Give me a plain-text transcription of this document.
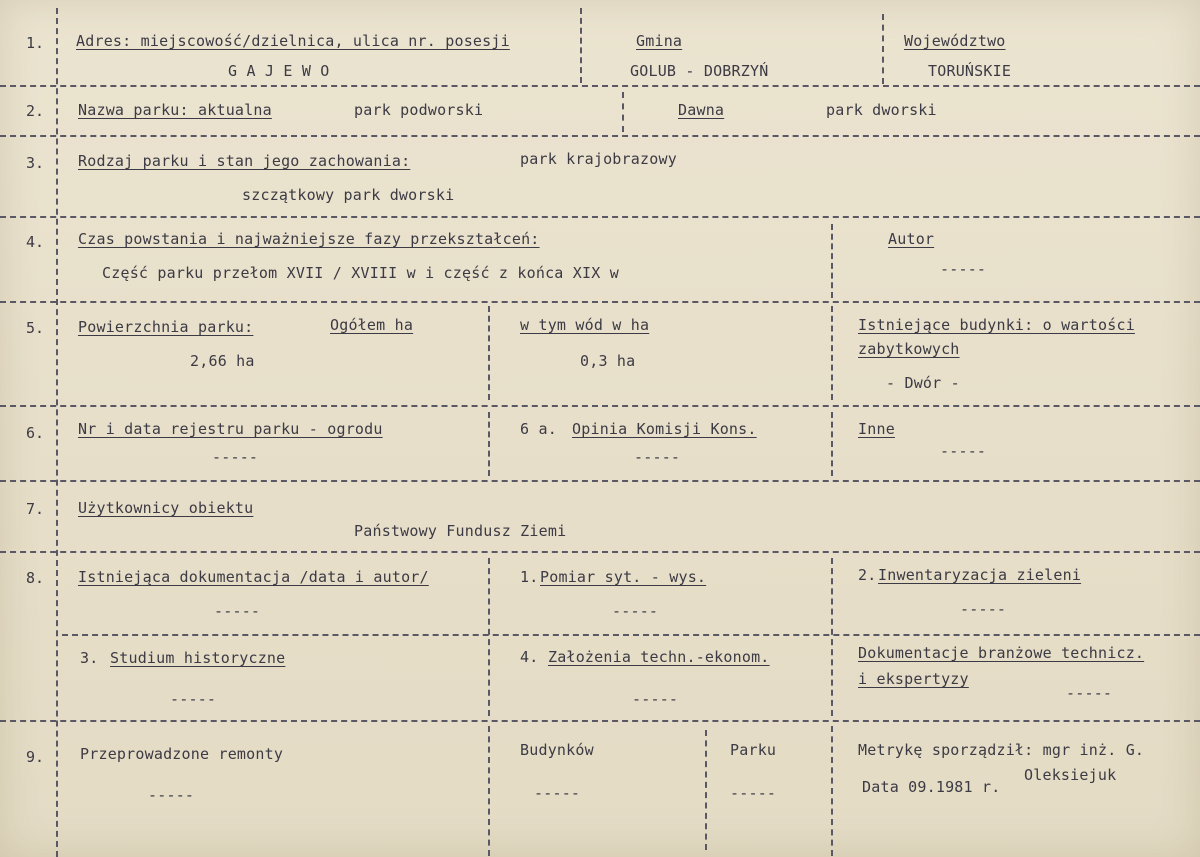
1. Adres: miejscowość/dzielnica, ulica nr. posesji
G A J E W O
Gmina
GOLUB - DOBRZYŃ
Województwo
TORUŃSKIE
2. Nazwa parku: aktualna	park podworski	Dawna	park dworski
3. Rodzaj parku i stan jego zachowania:	park krajobrazowy
szczątkowy park dworski
4. Czas powstania i najważniejsze fazy przekształceń:
Część parku przełom XVII / XVIII w i część z końca XIX w
Autor
-----
5. Powierzchnia parku:	Ogółem ha
2,66 ha
w tym wód w ha
0,3 ha
Istniejące budynki: o wartości
zabytkowych
- Dwór -
6. Nr i data rejestru parku - ogrodu
-----
6 a. Opinia Komisji Kons.
-----
Inne
-----
7. Użytkownicy obiektu
Państwowy Fundusz Ziemi
8. Istniejąca dokumentacja /data i autor/
-----
1. Pomiar syt. - wys.
-----
2. Inwentaryzacja zieleni
-----
3. Studium historyczne
-----
4. Założenia techn.-ekonom.
-----
Dokumentacje branżowe technicz.
i ekspertyzy
-----
9. Przeprowadzone remonty
-----
Budynków
-----
Parku
-----
Metrykę sporządził: mgr inż. G.
Oleksiejuk
Data 09.1981 r.
